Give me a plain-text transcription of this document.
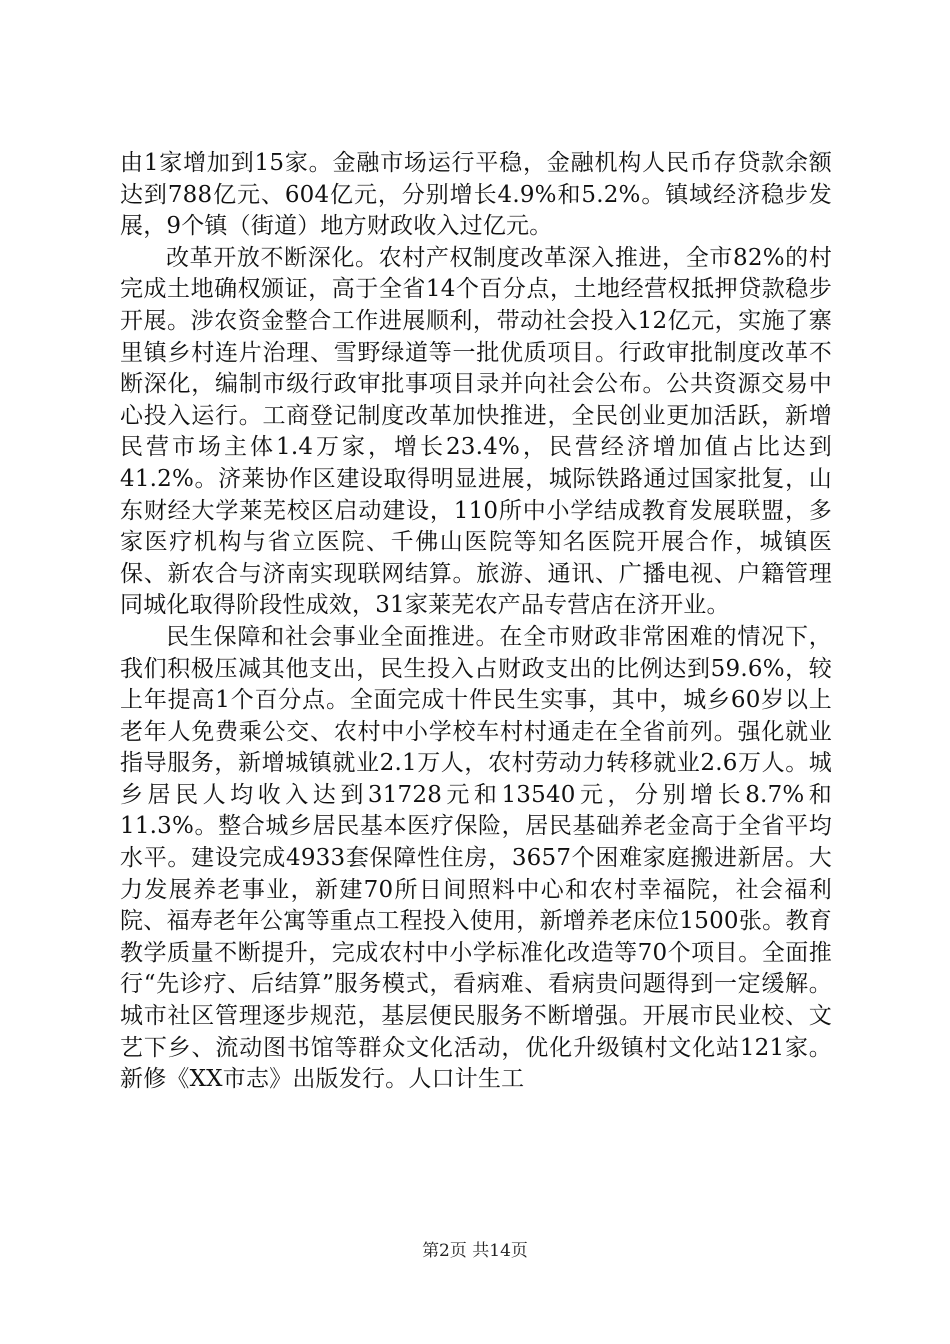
由1家增加到15家。金融市场运行平稳，金融机构人民币存贷款余额达到788亿元、604亿元，分别增长4.9%和5.2%。镇域经济稳步发展，9个镇（街道）地方财政收入过亿元。

改革开放不断深化。农村产权制度改革深入推进，全市82%的村完成土地确权颁证，高于全省14个百分点，土地经营权抵押贷款稳步开展。涉农资金整合工作进展顺利，带动社会投入12亿元，实施了寨里镇乡村连片治理、雪野绿道等一批优质项目。行政审批制度改革不断深化，编制市级行政审批事项目录并向社会公布。公共资源交易中心投入运行。工商登记制度改革加快推进，全民创业更加活跃，新增民营市场主体1.4万家，增长23.4%，民营经济增加值占比达到41.2%。济莱协作区建设取得明显进展，城际铁路通过国家批复，山东财经大学莱芜校区启动建设，110所中小学结成教育发展联盟，多家医疗机构与省立医院、千佛山医院等知名医院开展合作，城镇医保、新农合与济南实现联网结算。旅游、通讯、广播电视、户籍管理同城化取得阶段性成效，31家莱芜农产品专营店在济开业。

民生保障和社会事业全面推进。在全市财政非常困难的情况下，我们积极压减其他支出，民生投入占财政支出的比例达到59.6%，较上年提高1个百分点。全面完成十件民生实事，其中，城乡60岁以上老年人免费乘公交、农村中小学校车村村通走在全省前列。强化就业指导服务，新增城镇就业2.1万人，农村劳动力转移就业2.6万人。城乡居民人均收入达到31728元和13540元，分别增长8.7%和11.3%。整合城乡居民基本医疗保险，居民基础养老金高于全省平均水平。建设完成4933套保障性住房，3657个困难家庭搬进新居。大力发展养老事业，新建70所日间照料中心和农村幸福院，社会福利院、福寿老年公寓等重点工程投入使用，新增养老床位1500张。教育教学质量不断提升，完成农村中小学标准化改造等70个项目。全面推行“先诊疗、后结算”服务模式，看病难、看病贵问题得到一定缓解。城市社区管理逐步规范，基层便民服务不断增强。开展市民业校、文艺下乡、流动图书馆等群众文化活动，优化升级镇村文化站121家。新修《XX市志》出版发行。人口计生工

第2页 共14页
